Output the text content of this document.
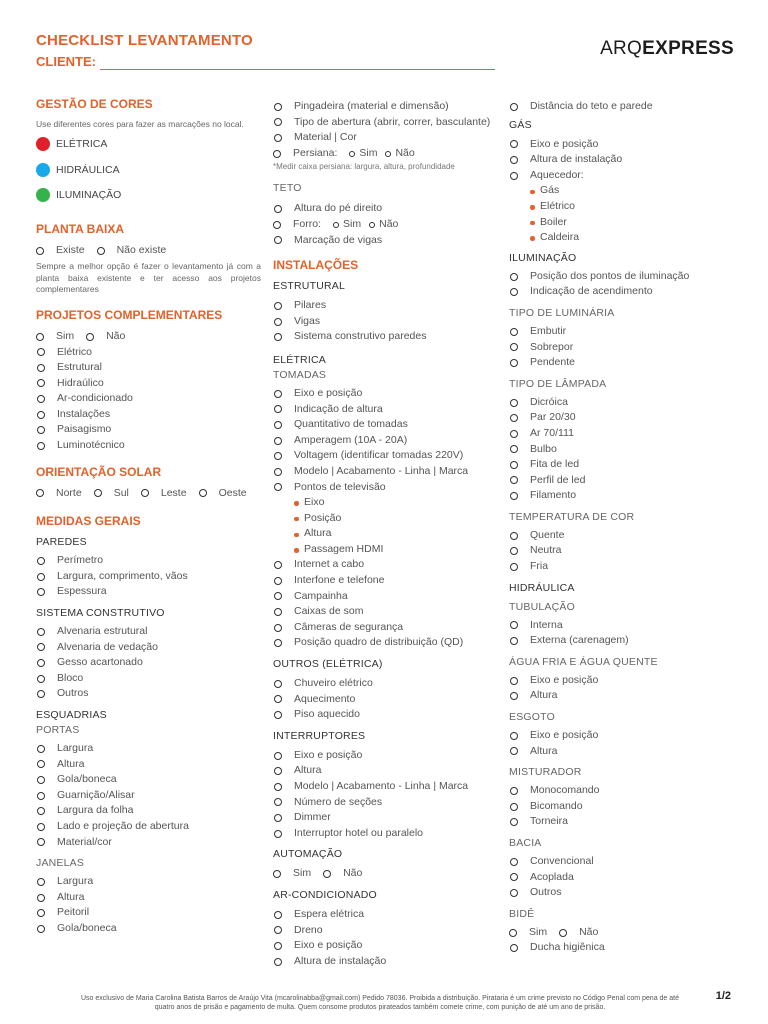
CHECKLIST LEVANTAMENTO
CLIENTE:
ARQEXPRESS
GESTÃO DE CORES
Use diferentes cores para fazer as marcações no local.
ELÉTRICA
HIDRÁULICA
ILUMINAÇÃO
PLANTA BAIXA
Existe	Não existe
Sempre a melhor opção é fazer o levantamento já com a planta baixa existente e ter acesso aos projetos complementares
PROJETOS COMPLEMENTARES
Sim	Não
Elétrico
Estrutural
Hidraúlico
Ar-condicionado
Instalações
Paisagismo
Luminotécnico
ORIENTAÇÃO SOLAR
Norte	Sul	Leste	Oeste
MEDIDAS GERAIS
PAREDES
Perímetro
Largura, comprimento, vãos
Espessura
SISTEMA CONSTRUTIVO
Alvenaria estrutural
Alvenaria de vedação
Gesso acartonado
Bloco
Outros
ESQUADRIAS
PORTAS
Largura
Altura
Gola/boneca
Guarnição/Alisar
Largura da folha
Lado e projeção de abertura
Material/cor
JANELAS
Largura
Altura
Peitoril
Gola/boneca
Pingadeira (material e dimensão)
Tipo de abertura (abrir, correr, basculante)
Material | Cor
Persiana: Sim Não
*Medir caixa persiana: largura, altura, profundidade
TETO
Altura do pé direito
Forro: Sim Não
Marcação de vigas
INSTALAÇÕES
ESTRUTURAL
Pilares
Vigas
Sistema construtivo paredes
ELÉTRICA
TOMADAS
Eixo e posição
Indicação de altura
Quantitativo de tomadas
Amperagem (10A - 20A)
Voltagem (identificar tomadas 220V)
Modelo | Acabamento - Linha | Marca
Pontos de televisão
Eixo
Posição
Altura
Passagem HDMI
Internet a cabo
Interfone e telefone
Campainha
Caixas de som
Câmeras de segurança
Posição quadro de distribuição (QD)
OUTROS (ELÉTRICA)
Chuveiro elétrico
Aquecimento
Piso aquecido
INTERRUPTORES
Eixo e posição
Altura
Modelo | Acabamento - Linha | Marca
Número de seções
Dimmer
Interruptor hotel ou paralelo
AUTOMAÇÃO
Sim	Não
AR-CONDICIONADO
Espera elétrica
Dreno
Eixo e posição
Altura de instalação
Distância do teto e parede
GÁS
Eixo e posição
Altura de instalação
Aquecedor:
Gás
Elétrico
Boiler
Caldeira
ILUMINAÇÃO
Posição dos pontos de iluminação
Indicação de acendimento
TIPO DE LUMINÁRIA
Embutir
Sobrepor
Pendente
TIPO DE LÂMPADA
Dicróica
Par 20/30
Ar 70/111
Bulbo
Fita de led
Perfil de led
Filamento
TEMPERATURA DE COR
Quente
Neutra
Fria
HIDRÁULICA
TUBULAÇÃO
Interna
Externa (carenagem)
ÁGUA FRIA E ÁGUA QUENTE
Eixo e posição
Altura
ESGOTO
Eixo e posição
Altura
MISTURADOR
Monocomando
Bicomando
Torneira
BACIA
Convencional
Acoplada
Outros
BIDÊ
Sim	Não
Ducha higiênica
Uso exclusivo de Maria Carolina Batista Barros de Araújo Vita (mcarolinabba@gmail.com) Pedido 78036. Proibida a distribuição. Pirataria é um crime previsto no Código Penal com pena de até
quatro anos de prisão e pagamento de multa. Quem consome produtos pirateados também comete crime, com punição de até um ano de prisão.
1/2
